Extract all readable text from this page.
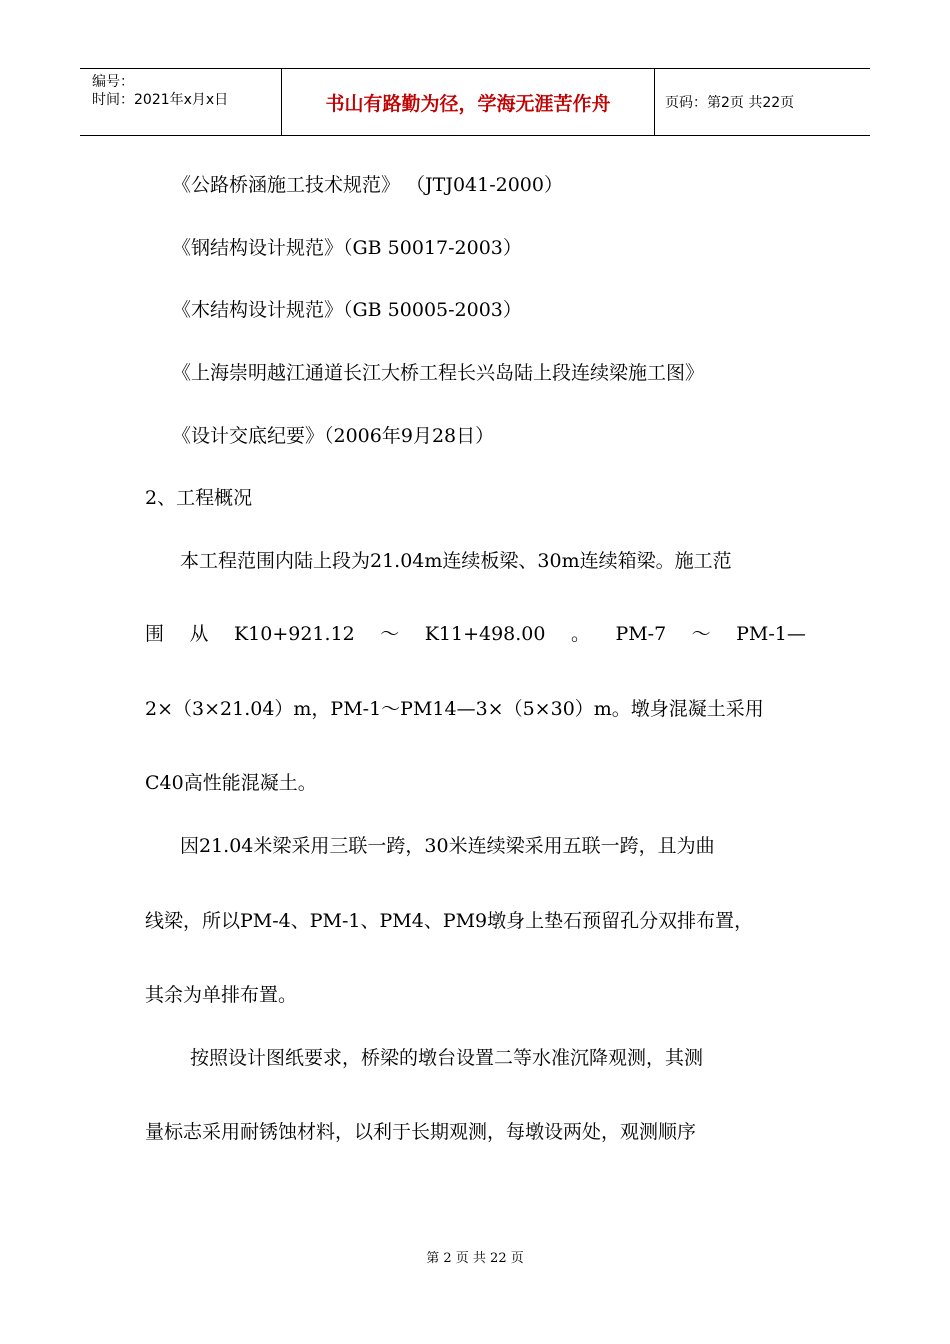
编号：
时间：2021年x月x日	书山有路勤为径，学海无涯苦作舟	页码：第2页 共22页
《公路桥涵施工技术规范》 （JTJ041-2000）
《钢结构设计规范》（GB 50017-2003）
《木结构设计规范》（GB 50005-2003）
《上海崇明越江通道长江大桥工程长兴岛陆上段连续梁施工图》
《设计交底纪要》（2006年9月28日）
2、工程概况
本工程范围内陆上段为21.04m连续板梁、30m连续箱梁。施工范
围 从 K10+921.12 ～ K11+498.00 。 PM-7 ～ PM-1—
2×（3×21.04）m，PM-1～PM14—3×（5×30）m。墩身混凝土采用
C40高性能混凝土。
因21.04米梁采用三联一跨，30米连续梁采用五联一跨，且为曲
线梁，所以PM-4、PM-1、PM4、PM9墩身上垫石预留孔分双排布置，
其余为单排布置。
按照设计图纸要求，桥梁的墩台设置二等水准沉降观测，其测
量标志采用耐锈蚀材料，以利于长期观测，每墩设两处，观测顺序
第 2 页 共 22 页
